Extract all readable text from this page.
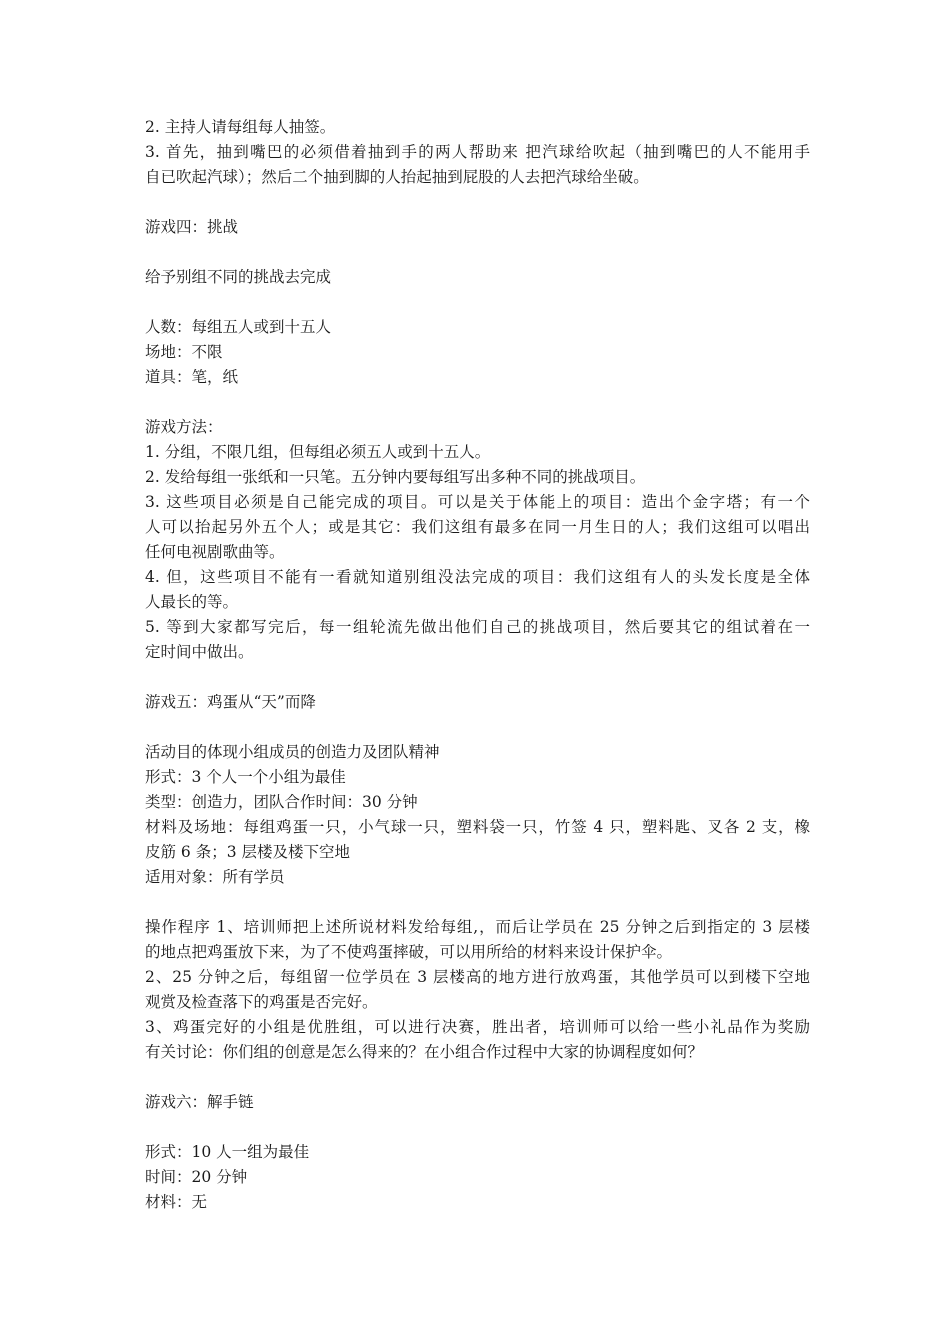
2. 主持人请每组每人抽签。
3. 首先，抽到嘴巴的必须借着抽到手的两人帮助来 把汽球给吹起（抽到嘴巴的人不能用手
自已吹起汽球）；然后二个抽到脚的人抬起抽到屁股的人去把汽球给坐破。
游戏四：挑战
给予别组不同的挑战去完成
人数：每组五人或到十五人
场地：不限
道具：笔，纸
游戏方法：
1. 分组，不限几组，但每组必须五人或到十五人。
2. 发给每组一张纸和一只笔。五分钟内要每组写出多种不同的挑战项目。
3. 这些项目必须是自己能完成的项目。可以是关于体能上的项目：造出个金字塔；有一个
人可以抬起另外五个人；或是其它：我们这组有最多在同一月生日的人；我们这组可以唱出
任何电视剧歌曲等。
4. 但，这些项目不能有一看就知道别组没法完成的项目：我们这组有人的头发长度是全体
人最长的等。
5. 等到大家都写完后，每一组轮流先做出他们自己的挑战项目，然后要其它的组试着在一
定时间中做出。
游戏五：鸡蛋从“天”而降
活动目的体现小组成员的创造力及团队精神
形式：3 个人一个小组为最佳
类型：创造力，团队合作时间：30 分钟
材料及场地：每组鸡蛋一只，小气球一只，塑料袋一只，竹签 4 只，塑料匙、叉各 2 支，橡
皮筋 6 条；3 层楼及楼下空地
适用对象：所有学员
操作程序 1、培训师把上述所说材料发给每组,，而后让学员在 25 分钟之后到指定的 3 层楼
的地点把鸡蛋放下来，为了不使鸡蛋摔破，可以用所给的材料来设计保护伞。
2、25 分钟之后，每组留一位学员在 3 层楼高的地方进行放鸡蛋，其他学员可以到楼下空地
观赏及检查落下的鸡蛋是否完好。
3、鸡蛋完好的小组是优胜组，可以进行决赛，胜出者，培训师可以给一些小礼品作为奖励
有关讨论：你们组的创意是怎么得来的？在小组合作过程中大家的协调程度如何？
游戏六：解手链
形式：10 人一组为最佳
时间：20 分钟
材料：无
